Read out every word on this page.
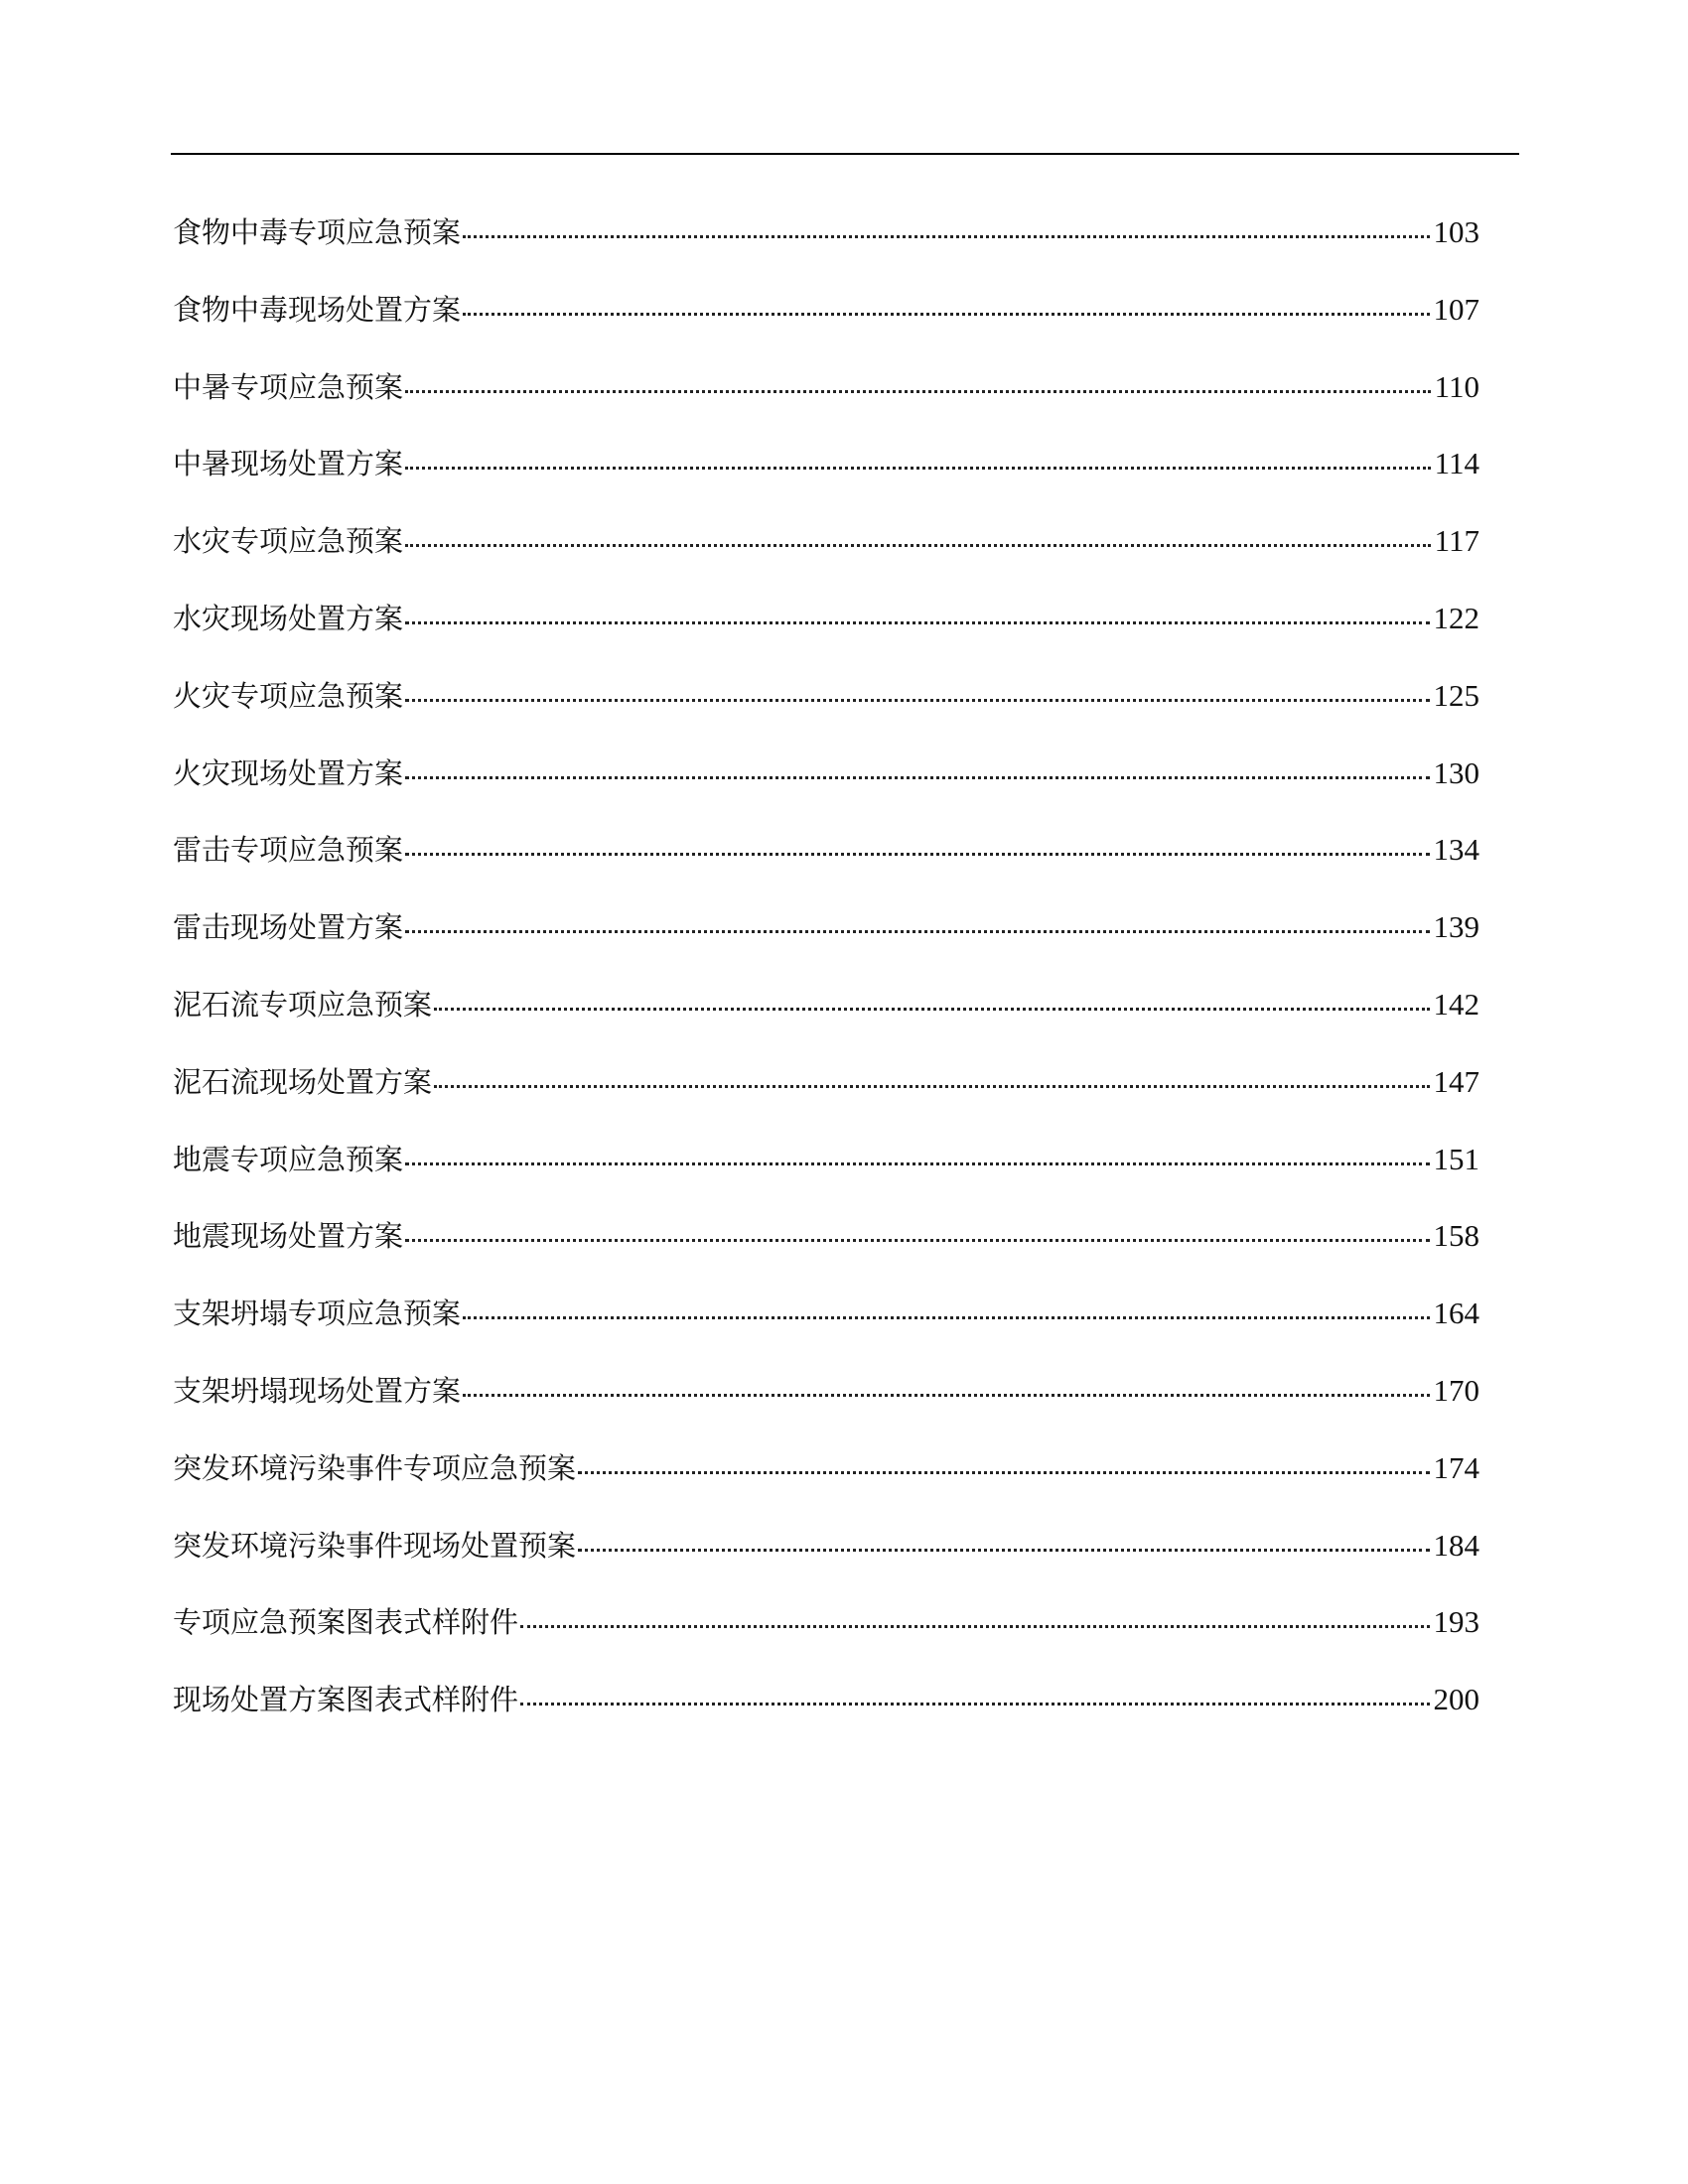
食物中毒专项应急预案	103
食物中毒现场处置方案	107
中暑专项应急预案	110
中暑现场处置方案	114
水灾专项应急预案	117
水灾现场处置方案	122
火灾专项应急预案	125
火灾现场处置方案	130
雷击专项应急预案	134
雷击现场处置方案	139
泥石流专项应急预案	142
泥石流现场处置方案	147
地震专项应急预案	151
地震现场处置方案	158
支架坍塌专项应急预案	164
支架坍塌现场处置方案	170
突发环境污染事件专项应急预案	174
突发环境污染事件现场处置预案	184
专项应急预案图表式样附件	193
现场处置方案图表式样附件	200
